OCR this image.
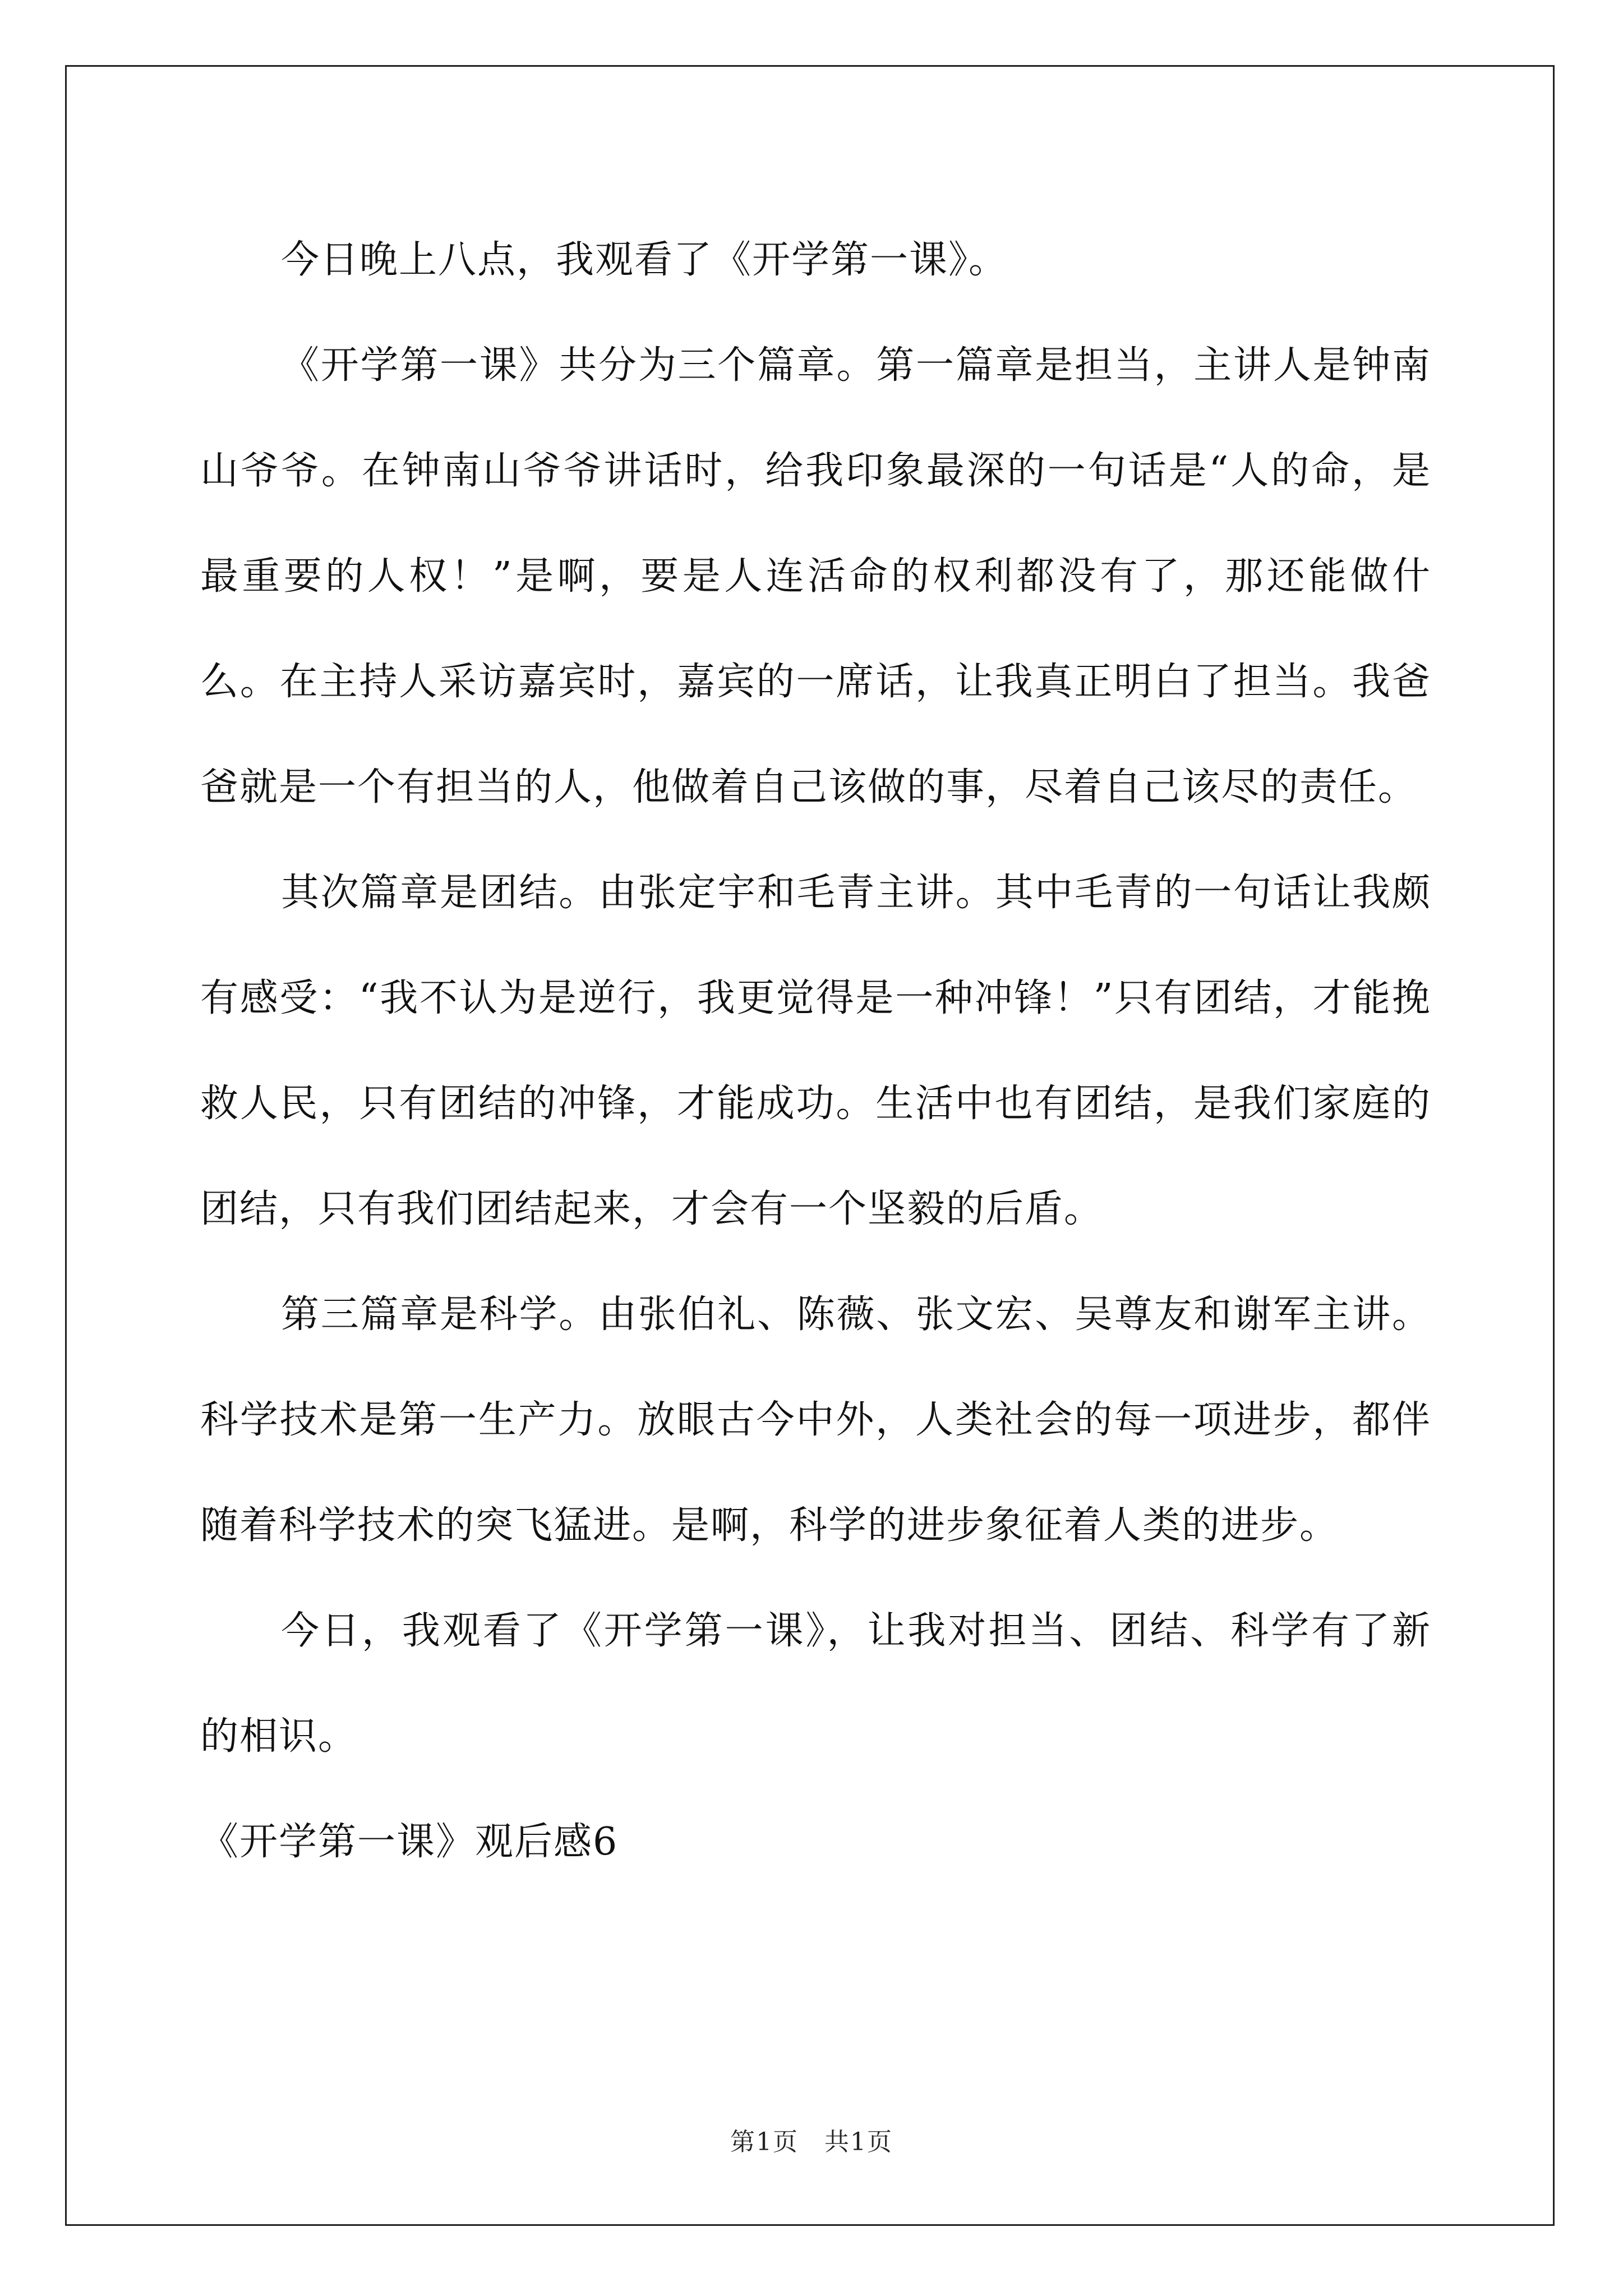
今日晚上八点，我观看了《开学第一课》。

《开学第一课》共分为三个篇章。第一篇章是担当，主讲人是钟南山爷爷。在钟南山爷爷讲话时，给我印象最深的一句话是“人的命，是最重要的人权！”是啊，要是人连活命的权利都没有了，那还能做什么。在主持人采访嘉宾时，嘉宾的一席话，让我真正明白了担当。我爸爸就是一个有担当的人，他做着自己该做的事，尽着自己该尽的责任。

其次篇章是团结。由张定宇和毛青主讲。其中毛青的一句话让我颇有感受：“我不认为是逆行，我更觉得是一种冲锋！”只有团结，才能挽救人民，只有团结的冲锋，才能成功。生活中也有团结，是我们家庭的团结，只有我们团结起来，才会有一个坚毅的后盾。

第三篇章是科学。由张伯礼、陈薇、张文宏、吴尊友和谢军主讲。科学技术是第一生产力。放眼古今中外，人类社会的每一项进步，都伴随着科学技术的突飞猛进。是啊，科学的进步象征着人类的进步。

今日，我观看了《开学第一课》，让我对担当、团结、科学有了新的相识。

《开学第一课》观后感6

第1页　共1页
